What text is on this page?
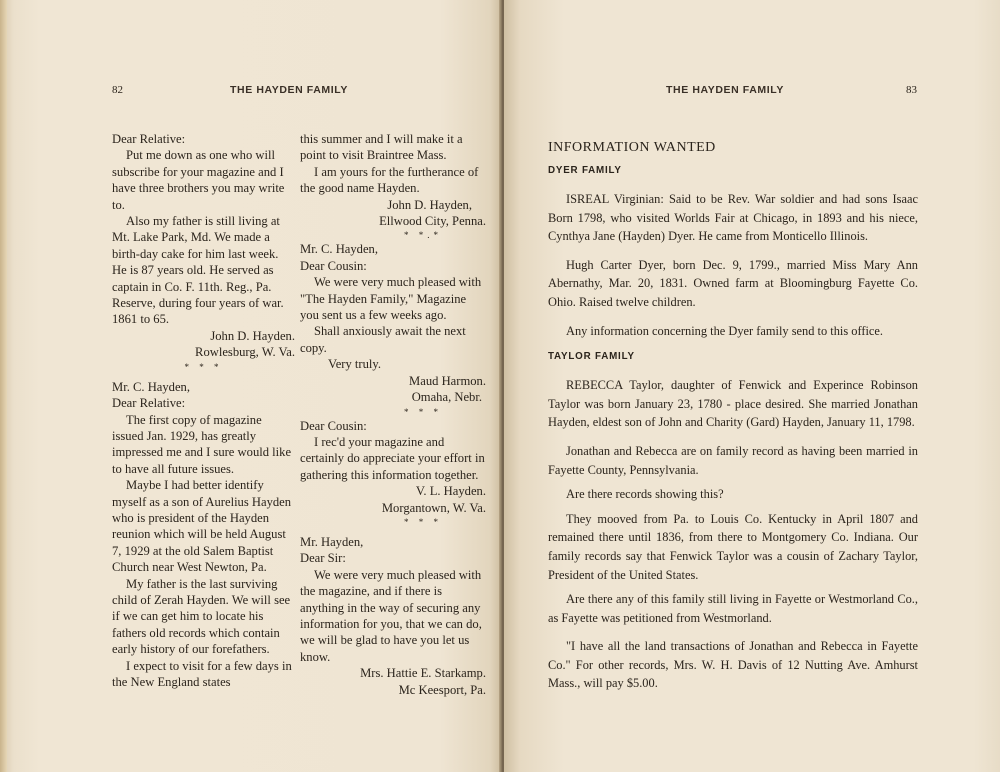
82	THE HAYDEN FAMILY

Dear Relative:

Put me down as one who will subscribe for your magazine and I have three brothers you may write to.

Also my father is still living at Mt. Lake Park, Md. We made a birth-day cake for him last week. He is 87 years old. He served as captain in Co. F. 11th. Reg., Pa. Reserve, during four years of war. 1861 to 65.

John D. Hayden.

Rowlesburg, W. Va.

* * *

Mr. C. Hayden,

Dear Relative:

The first copy of magazine issued Jan. 1929, has greatly impressed me and I sure would like to have all future issues.

Maybe I had better identify myself as a son of Aurelius Hayden who is president of the Hayden reunion which will be held August 7, 1929 at the old Salem Baptist Church near West Newton, Pa.

My father is the last surviving child of Zerah Hayden. We will see if we can get him to locate his fathers old records which contain early history of our forefathers.

I expect to visit for a few days in the New England states

this summer and I will make it a point to visit Braintree Mass.

I am yours for the furtherance of the good name Hayden.

John D. Hayden,

Ellwood City, Penna.

* *.*

Mr. C. Hayden,

Dear Cousin:

We were very much pleased with "The Hayden Family," Magazine you sent us a few weeks ago.

Shall anxiously await the next copy.

Very truly.

Maud Harmon.

Omaha, Nebr.

* * *

Dear Cousin:

I rec'd your magazine and certainly do appreciate your effort in gathering this information together.

V. L. Hayden.

Morgantown, W. Va.

* * *

Mr. Hayden,

Dear Sir:

We were very much pleased with the magazine, and if there is anything in the way of securing any information for you, that we can do, we will be glad to have you let us know.

Mrs. Hattie E. Starkamp.

Mc Keesport, Pa.

THE HAYDEN FAMILY	83

INFORMATION WANTED

DYER FAMILY

ISREAL Virginian: Said to be Rev. War soldier and had sons Isaac Born 1798, who visited Worlds Fair at Chicago, in 1893 and his niece, Cynthya Jane (Hayden) Dyer. He came from Monticello Illinois.

Hugh Carter Dyer, born Dec. 9, 1799., married Miss Mary Ann Abernathy, Mar. 20, 1831. Owned farm at Bloomingburg Fayette Co. Ohio. Raised twelve children.

Any information concerning the Dyer family send to this office.

TAYLOR FAMILY

REBECCA Taylor, daughter of Fenwick and Experince Robinson Taylor was born January 23, 1780 - place desired. She married Jonathan Hayden, eldest son of John and Charity (Gard) Hayden, January 11, 1798.

Jonathan and Rebecca are on family record as having been married in Fayette County, Pennsylvania.

Are there records showing this?

They mooved from Pa. to Louis Co. Kentucky in April 1807 and remained there until 1836, from there to Montgomery Co. Indiana. Our family records say that Fenwick Taylor was a cousin of Zachary Taylor, President of the United States.

Are there any of this family still living in Fayette or Westmorland Co., as Fayette was petitioned from Westmorland.

"I have all the land transactions of Jonathan and Rebecca in Fayette Co." For other records, Mrs. W. H. Davis of 12 Nutting Ave. Amhurst Mass., will pay $5.00.
